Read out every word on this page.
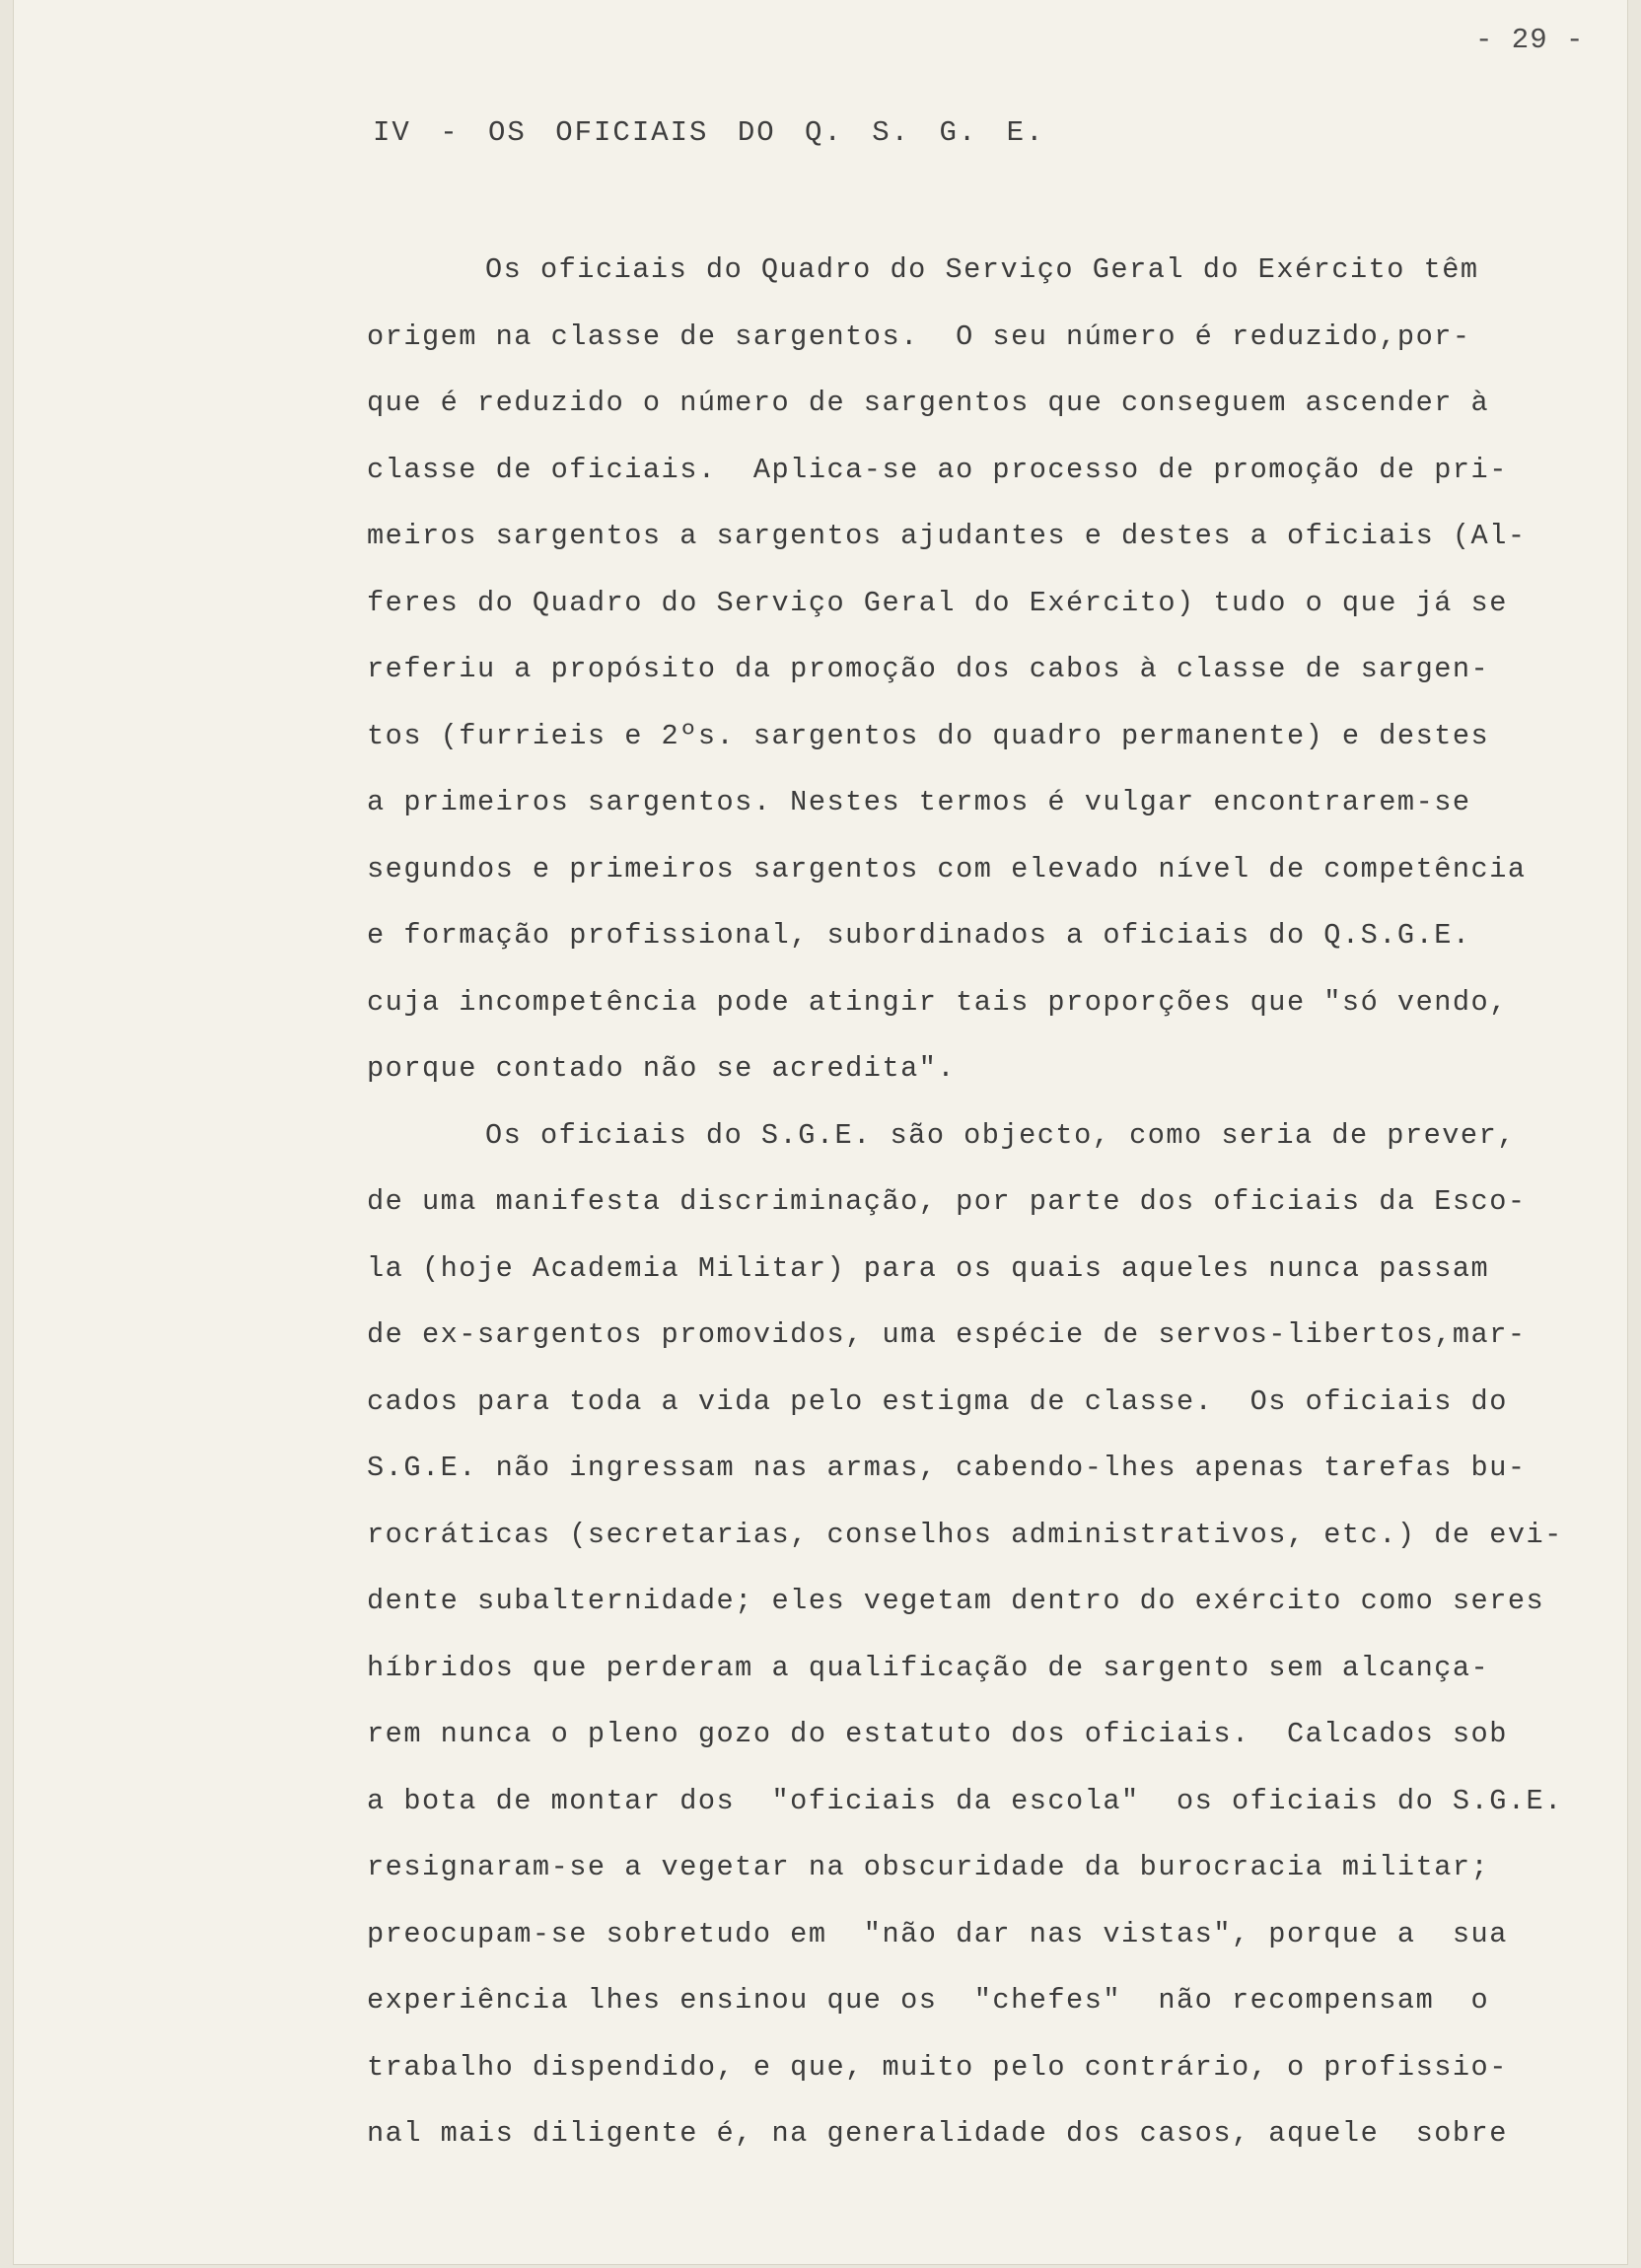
- 29 -
IV - OS OFICIAIS DO Q. S. G. E.
Os oficiais do Quadro do Serviço Geral do Exército têm
origem na classe de sargentos.  O seu número é reduzido,por-
que é reduzido o número de sargentos que conseguem ascender à
classe de oficiais.  Aplica-se ao processo de promoção de pri-
meiros sargentos a sargentos ajudantes e destes a oficiais (Al-
feres do Quadro do Serviço Geral do Exército) tudo o que já se
referiu a propósito da promoção dos cabos à classe de sargen-
tos (furrieis e 2ºs. sargentos do quadro permanente) e destes
a primeiros sargentos. Nestes termos é vulgar encontrarem-se
segundos e primeiros sargentos com elevado nível de competência
e formação profissional, subordinados a oficiais do Q.S.G.E.
cuja incompetência pode atingir tais proporções que "só vendo,
porque contado não se acredita".
Os oficiais do S.G.E. são objecto, como seria de prever,
de uma manifesta discriminação, por parte dos oficiais da Esco-
la (hoje Academia Militar) para os quais aqueles nunca passam
de ex-sargentos promovidos, uma espécie de servos-libertos,mar-
cados para toda a vida pelo estigma de classe.  Os oficiais do
S.G.E. não ingressam nas armas, cabendo-lhes apenas tarefas bu-
rocráticas (secretarias, conselhos administrativos, etc.) de evi-
dente subalternidade; eles vegetam dentro do exército como seres
híbridos que perderam a qualificação de sargento sem alcança-
rem nunca o pleno gozo do estatuto dos oficiais.  Calcados sob
a bota de montar dos  "oficiais da escola"  os oficiais do S.G.E.
resignaram-se a vegetar na obscuridade da burocracia militar;
preocupam-se sobretudo em  "não dar nas vistas", porque a  sua
experiência lhes ensinou que os  "chefes"  não recompensam  o
trabalho dispendido, e que, muito pelo contrário, o profissio-
nal mais diligente é, na generalidade dos casos, aquele  sobre
